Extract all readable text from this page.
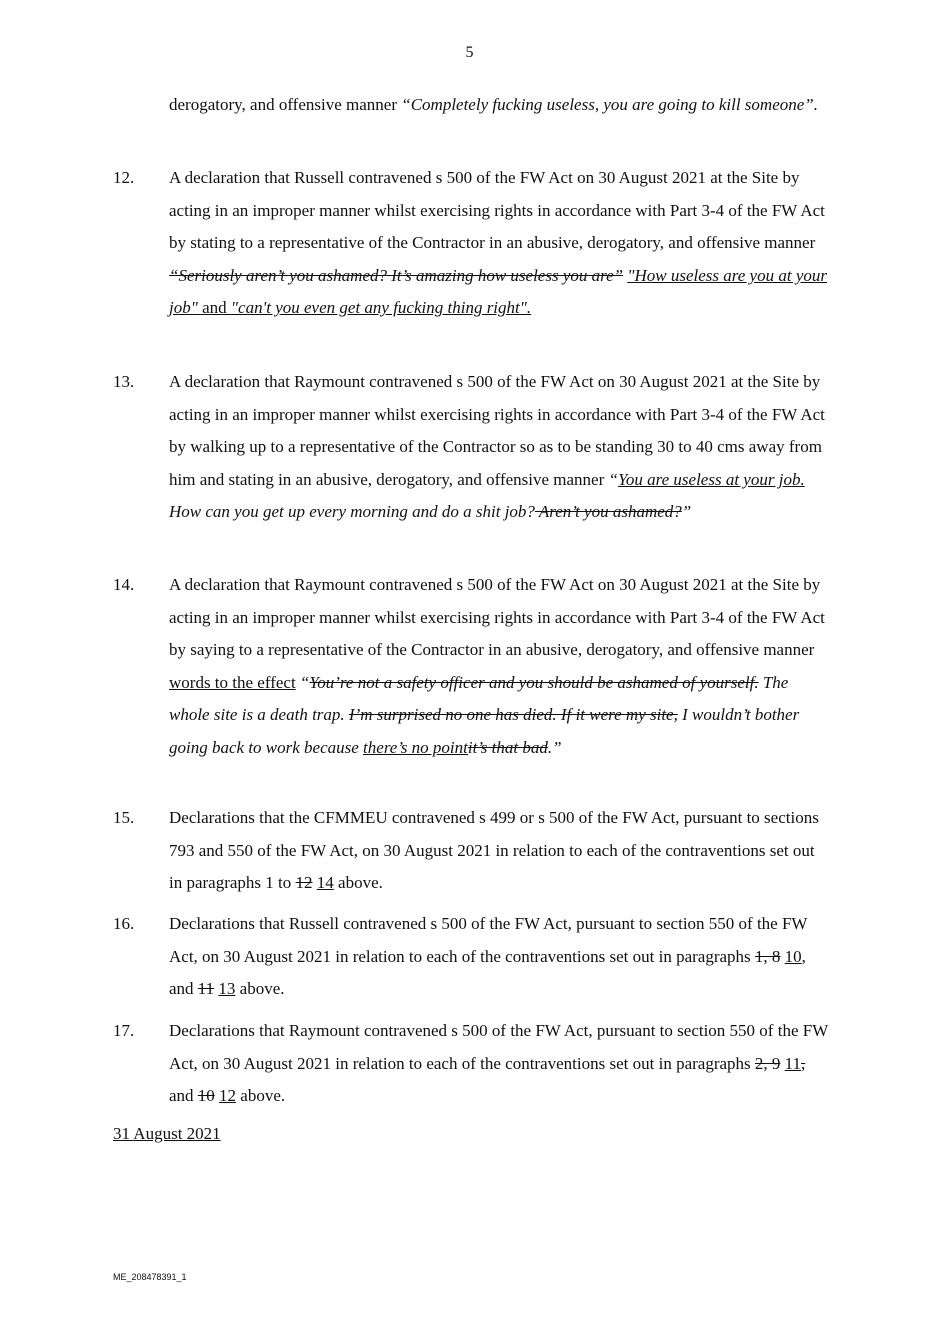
5
derogatory, and offensive manner “Completely fucking useless, you are going to kill someone”.
12.	A declaration that Russell contravened s 500 of the FW Act on 30 August 2021 at the Site by acting in an improper manner whilst exercising rights in accordance with Part 3-4 of the FW Act by stating to a representative of the Contractor in an abusive, derogatory, and offensive manner “Seriously aren’t you ashamed? It’s amazing how useless you are” "How useless are you at your job" and "can't you even get any fucking thing right".
13.	A declaration that Raymount contravened s 500 of the FW Act on 30 August 2021 at the Site by acting in an improper manner whilst exercising rights in accordance with Part 3-4 of the FW Act by walking up to a representative of the Contractor so as to be standing 30 to 40 cms away from him and stating in an abusive, derogatory, and offensive manner “You are useless at your job. How can you get up every morning and do a shit job? Aren’t you ashamed?”
14.	A declaration that Raymount contravened s 500 of the FW Act on 30 August 2021 at the Site by acting in an improper manner whilst exercising rights in accordance with Part 3-4 of the FW Act by saying to a representative of the Contractor in an abusive, derogatory, and offensive manner words to the effect “You’re not a safety officer and you should be ashamed of yourself. The whole site is a death trap. I’m surprised no one has died. If it were my site, I wouldn’t bother going back to work because there’s no pointit’s that bad.”
15.	Declarations that the CFMMEU contravened s 499 or s 500 of the FW Act, pursuant to sections 793 and 550 of the FW Act, on 30 August 2021 in relation to each of the contraventions set out in paragraphs 1 to 12 14 above.
16.	Declarations that Russell contravened s 500 of the FW Act, pursuant to section 550 of the FW Act, on 30 August 2021 in relation to each of the contraventions set out in paragraphs 1, 8 10, and 11 13 above.
17.	Declarations that Raymount contravened s 500 of the FW Act, pursuant to section 550 of the FW Act, on 30 August 2021 in relation to each of the contraventions set out in paragraphs 2, 9 11, and 10 12 above.
31 August 2021
ME_208478391_1
